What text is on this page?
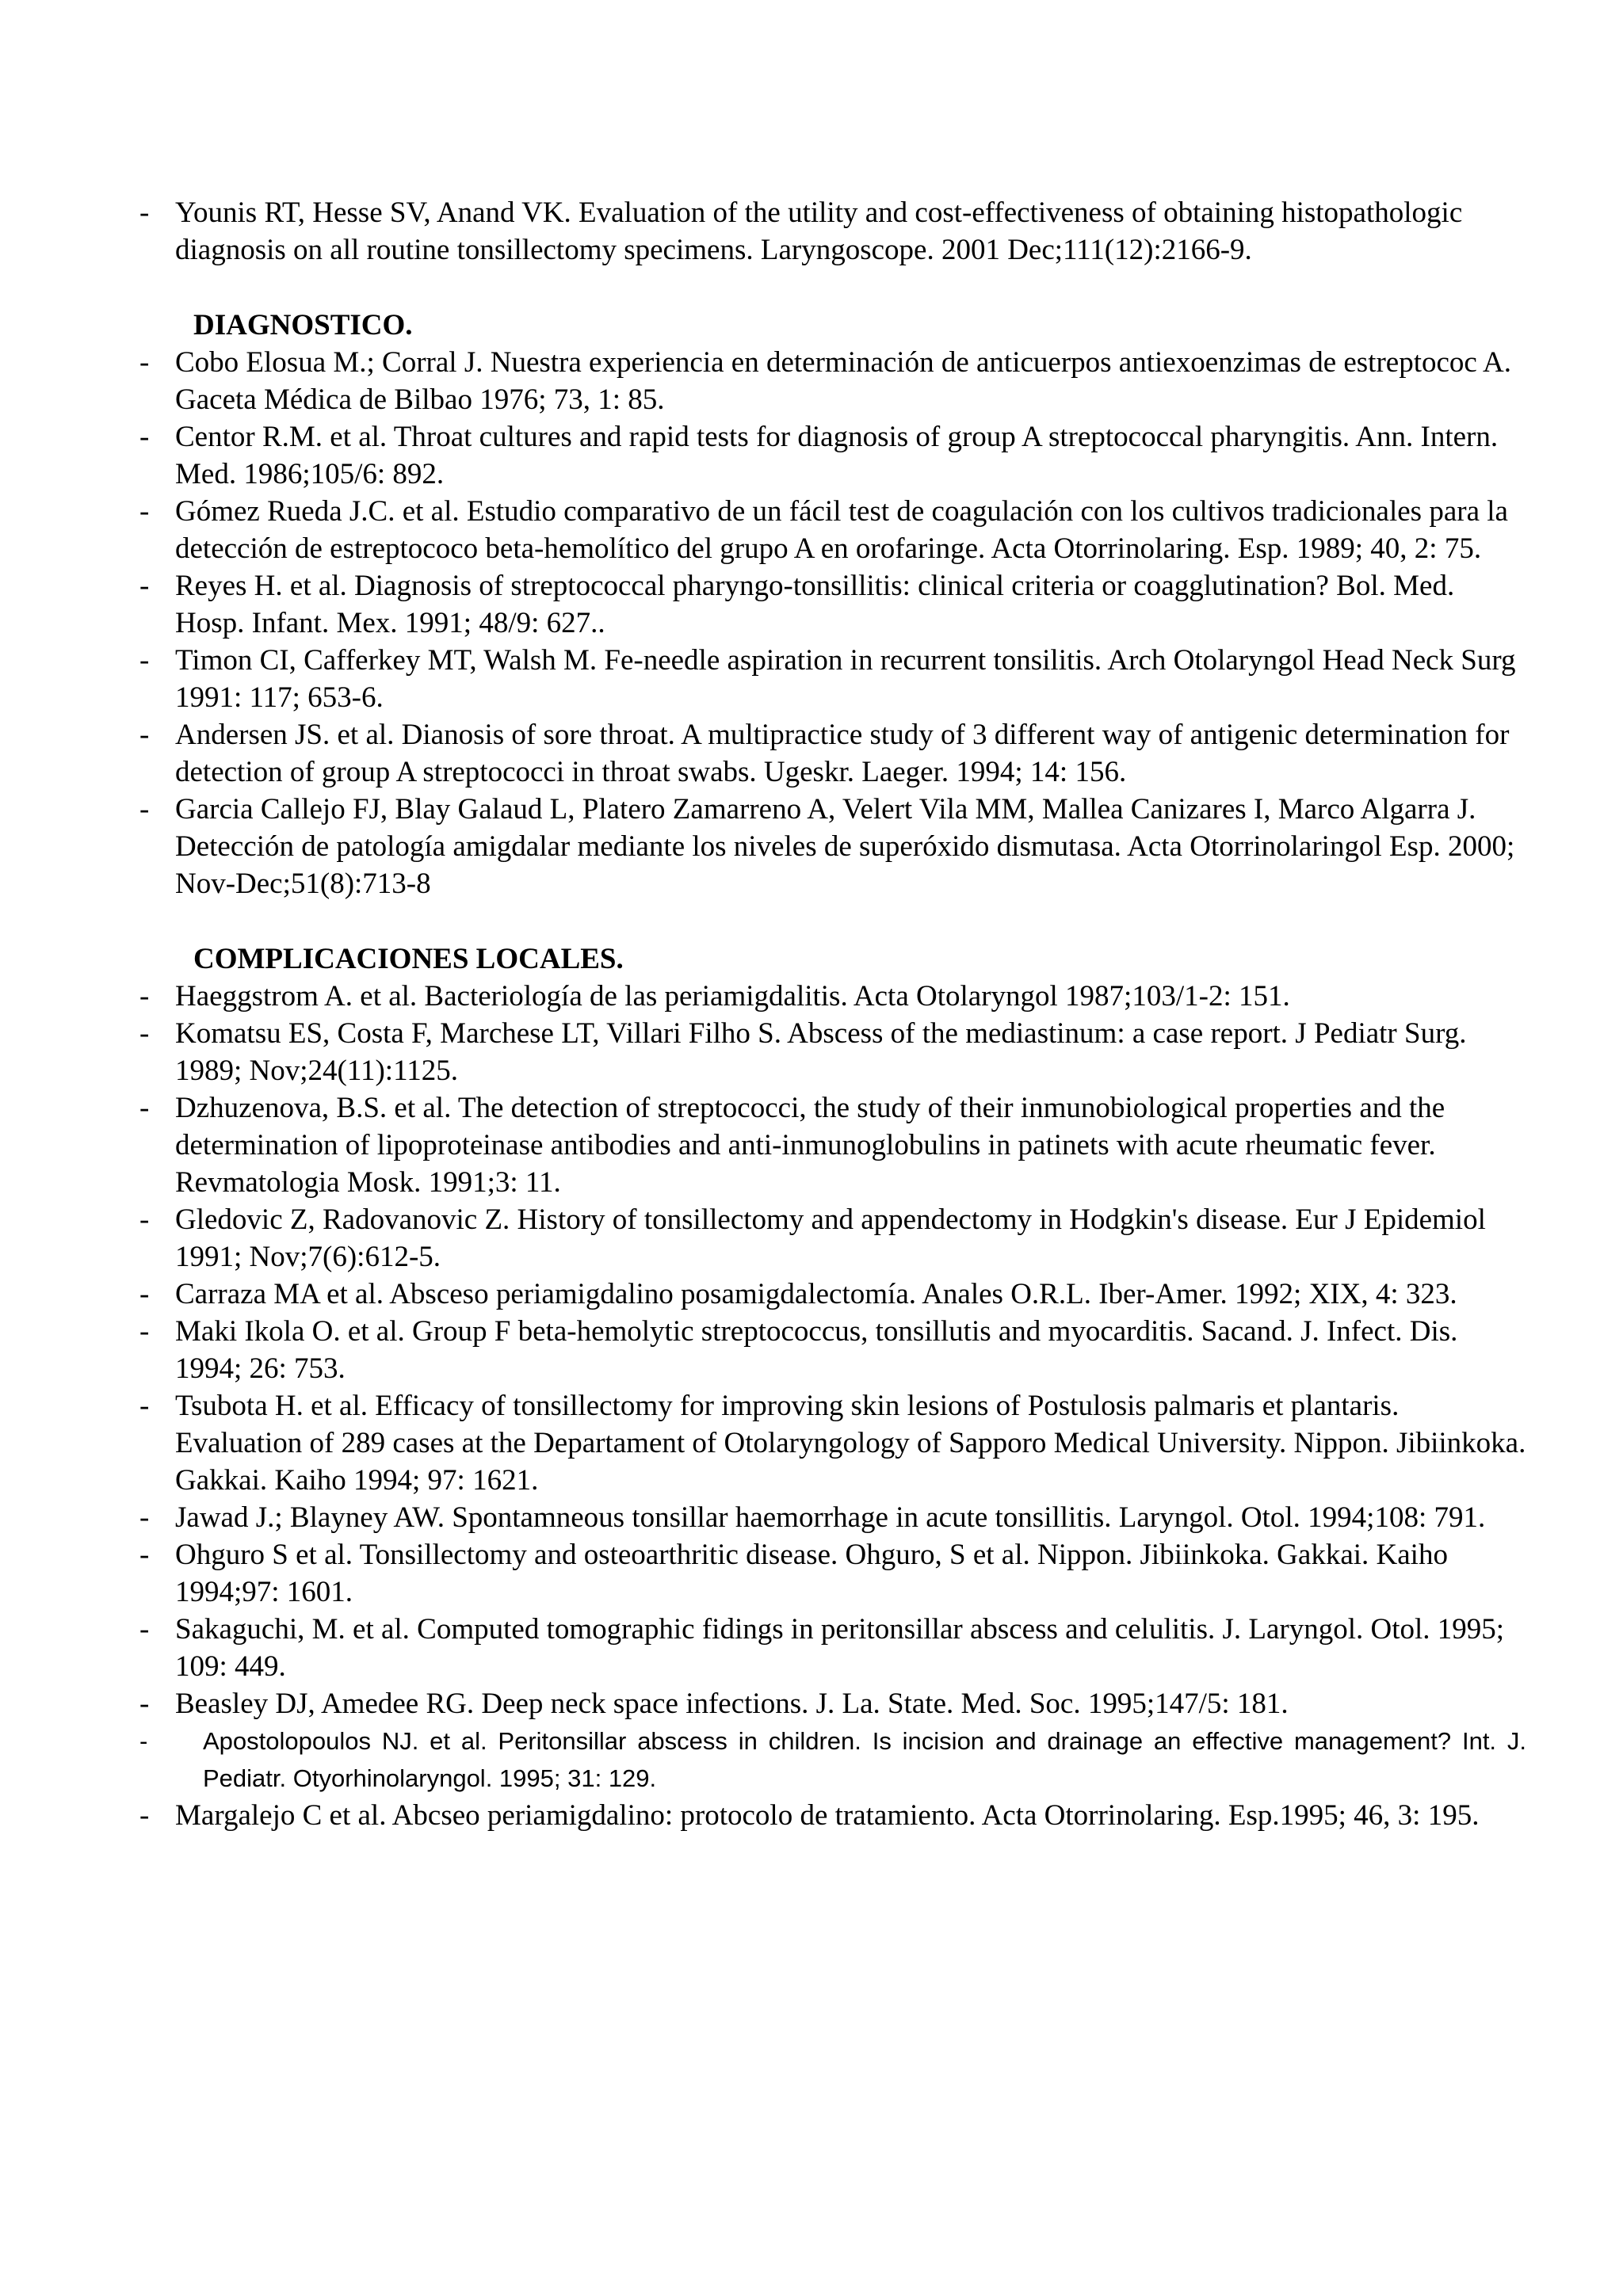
- Younis RT, Hesse SV, Anand VK. Evaluation of the utility and cost-effectiveness of obtaining histopathologic diagnosis on all routine tonsillectomy specimens. Laryngoscope. 2001 Dec;111(12):2166-9.

DIAGNOSTICO.

- Cobo Elosua M.; Corral J. Nuestra experiencia en determinación de anticuerpos antiexoenzimas de estreptococ A. Gaceta Médica de Bilbao 1976; 73, 1: 85.

- Centor R.M. et al. Throat cultures and rapid tests for diagnosis of group A streptococcal pharyngitis. Ann. Intern. Med. 1986;105/6: 892.

- Gómez Rueda J.C. et al. Estudio comparativo de un fácil test de coagulación con los cultivos tradicionales para la detección de estreptococo beta-hemolítico del grupo A en orofaringe. Acta Otorrinolaring. Esp. 1989; 40, 2: 75.

- Reyes H. et al. Diagnosis of streptococcal pharyngo-tonsillitis: clinical criteria or coagglutination? Bol. Med. Hosp. Infant. Mex. 1991; 48/9: 627..

- Timon CI, Cafferkey MT, Walsh M. Fe-needle aspiration in recurrent tonsilitis. Arch Otolaryngol Head Neck Surg 1991: 117; 653-6.

- Andersen JS. et al. Dianosis of sore throat. A multipractice study of 3 different way of antigenic determination for detection of group A streptococci in throat swabs. Ugeskr. Laeger. 1994; 14: 156.

- Garcia Callejo FJ, Blay Galaud L, Platero Zamarreno A, Velert Vila MM, Mallea Canizares I, Marco Algarra J. Detección de patología amigdalar mediante los niveles de superóxido dismutasa. Acta Otorrinolaringol Esp. 2000; Nov-Dec;51(8):713-8

COMPLICACIONES LOCALES.

- Haeggstrom A. et al. Bacteriología de las periamigdalitis. Acta Otolaryngol 1987;103/1-2: 151.

- Komatsu ES, Costa F, Marchese LT, Villari Filho S. Abscess of the mediastinum: a case report. J Pediatr Surg. 1989; Nov;24(11):1125.

- Dzhuzenova, B.S. et al. The detection of streptococci, the study of their inmunobiological properties and the determination of lipoproteinase antibodies and anti-inmunoglobulins in patinets with acute rheumatic fever. Revmatologia Mosk. 1991;3: 11.

- Gledovic Z, Radovanovic Z. History of tonsillectomy and appendectomy in Hodgkin's disease. Eur J Epidemiol 1991; Nov;7(6):612-5.

- Carraza MA et al. Absceso periamigdalino posamigdalectomía. Anales O.R.L. Iber-Amer. 1992; XIX, 4: 323.

- Maki Ikola O. et al. Group F beta-hemolytic streptococcus, tonsillutis and myocarditis. Sacand. J. Infect. Dis. 1994; 26: 753.

- Tsubota H. et al. Efficacy of tonsillectomy for improving skin lesions of Postulosis palmaris et plantaris. Evaluation of 289 cases at the Departament of Otolaryngology of Sapporo Medical University. Nippon. Jibiinkoka. Gakkai. Kaiho 1994; 97: 1621.

- Jawad J.; Blayney AW. Spontamneous tonsillar haemorrhage in acute tonsillitis. Laryngol. Otol. 1994;108: 791.

- Ohguro S et al. Tonsillectomy and osteoarthritic disease. Ohguro, S et al. Nippon. Jibiinkoka. Gakkai. Kaiho 1994;97: 1601.

- Sakaguchi, M. et al. Computed tomographic fidings in peritonsillar abscess and celulitis. J. Laryngol. Otol. 1995; 109: 449.

- Beasley DJ, Amedee RG. Deep neck space infections. J. La. State. Med. Soc. 1995;147/5: 181.

-	Apostolopoulos NJ. et al. Peritonsillar abscess in children. Is incision and drainage an effective management? Int. J. Pediatr. Otyorhinolaryngol. 1995; 31: 129.

- Margalejo C et al. Abcseo periamigdalino: protocolo de tratamiento. Acta Otorrinolaring. Esp.1995; 46, 3: 195.
